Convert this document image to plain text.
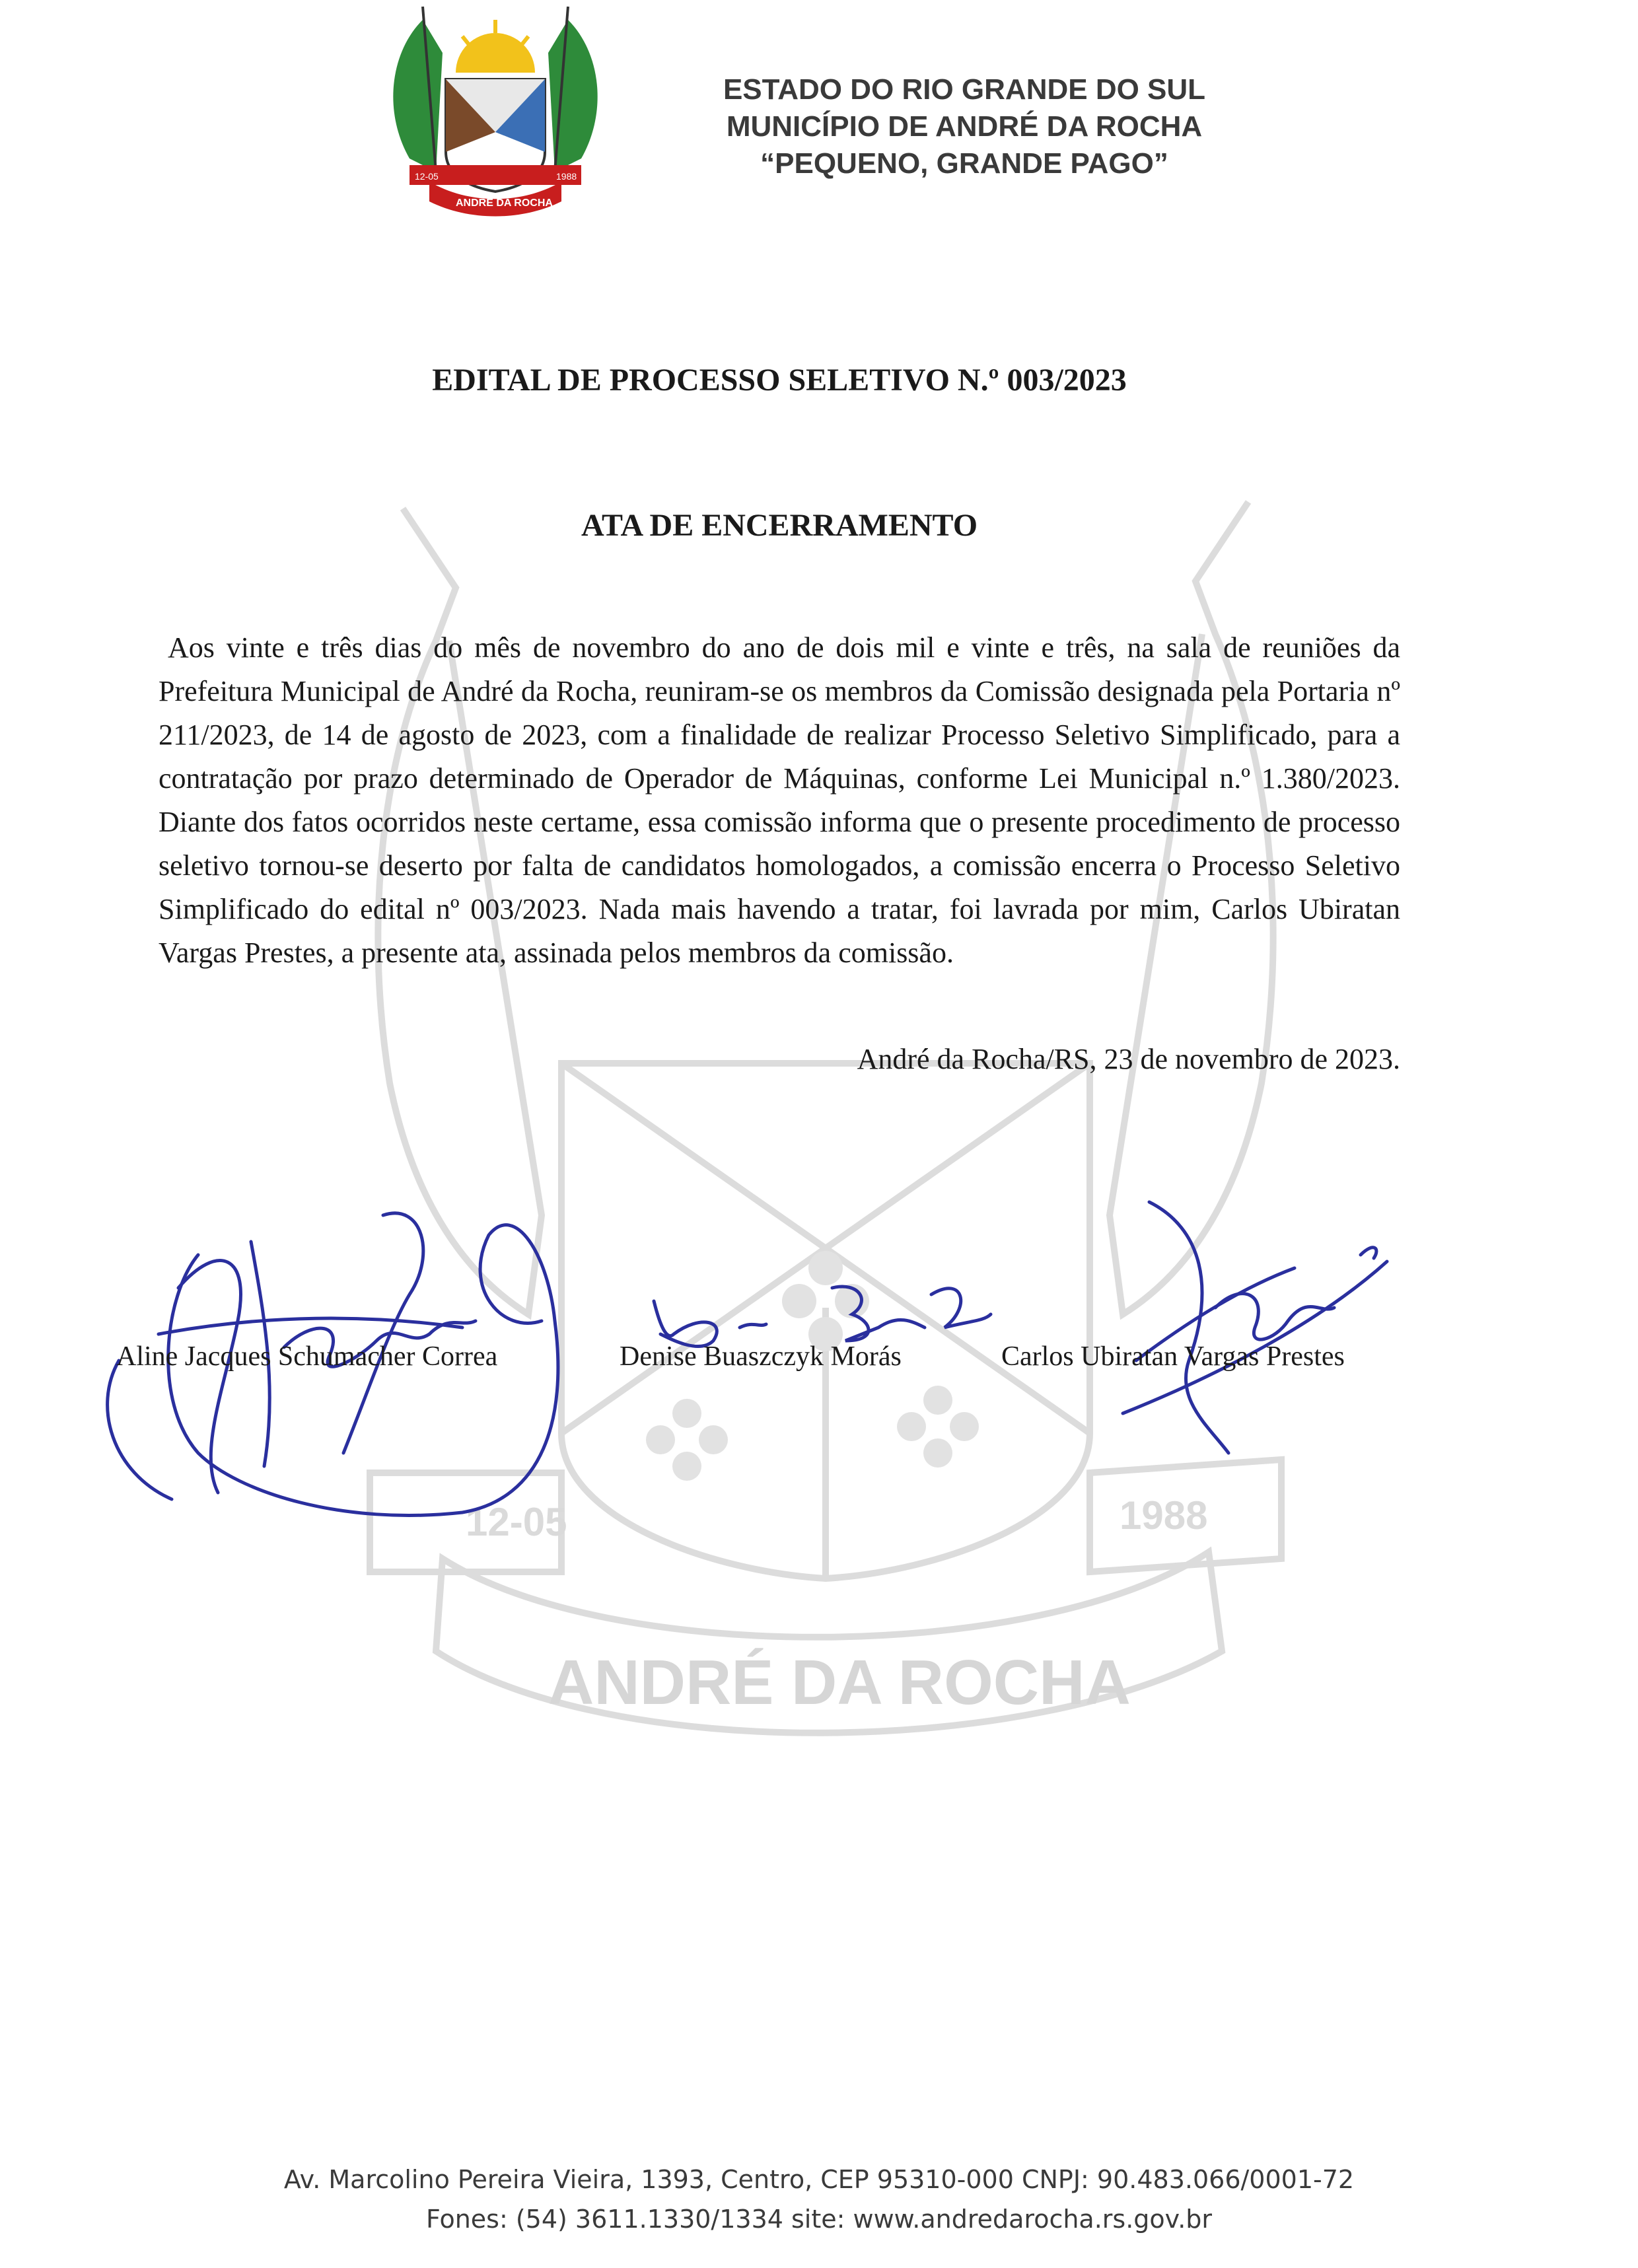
12-05	1988
ANDRÉ DA ROCHA
12-05	1988
ANDRÉ DA ROCHA
ESTADO DO RIO GRANDE DO SUL
MUNICÍPIO DE ANDRÉ DA ROCHA
“PEQUENO, GRANDE PAGO”
EDITAL DE PROCESSO SELETIVO N.º 003/2023
ATA DE ENCERRAMENTO
Aos vinte e três dias do mês de novembro do ano de dois mil e vinte e três, na sala de reuniões da Prefeitura Municipal de André da Rocha, reuniram-se os membros da Comissão designada pela Portaria nº 211/2023, de 14 de agosto de 2023, com a finalidade de realizar Processo Seletivo Simplificado, para a contratação por prazo determinado de Operador de Máquinas, conforme Lei Municipal n.º 1.380/2023. Diante dos fatos ocorridos neste certame, essa comissão informa que o presente procedimento de processo seletivo tornou-se deserto por falta de candidatos homologados, a comissão encerra o Processo Seletivo Simplificado do edital nº 003/2023. Nada mais havendo a tratar, foi lavrada por mim, Carlos Ubiratan Vargas Prestes, a presente ata, assinada pelos membros da comissão.
André da Rocha/RS, 23 de novembro de 2023.
Aline Jacques Schumacher Correa	Denise Buaszczyk Morás	Carlos Ubiratan Vargas Prestes
Av. Marcolino Pereira Vieira, 1393, Centro, CEP 95310-000 CNPJ: 90.483.066/0001-72
Fones: (54) 3611.1330/1334 site: www.andredarocha.rs.gov.br
